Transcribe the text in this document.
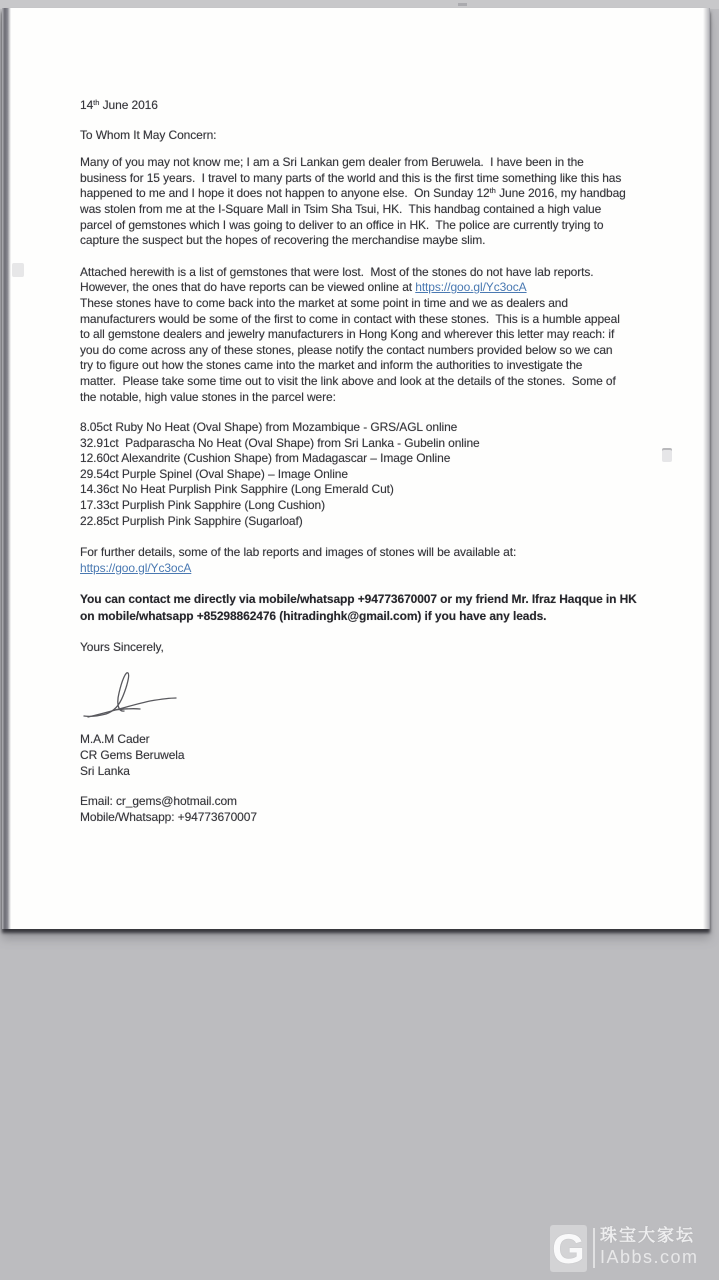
14th June 2016

To Whom It May Concern:

Many of you may not know me; I am a Sri Lankan gem dealer from Beruwela.  I have been in the

business for 15 years.  I travel to many parts of the world and this is the first time something like this has

happened to me and I hope it does not happen to anyone else.  On Sunday 12th June 2016, my handbag

was stolen from me at the I-Square Mall in Tsim Sha Tsui, HK.  This handbag contained a high value

parcel of gemstones which I was going to deliver to an office in HK.  The police are currently trying to

capture the suspect but the hopes of recovering the merchandise maybe slim.

Attached herewith is a list of gemstones that were lost.  Most of the stones do not have lab reports.

However, the ones that do have reports can be viewed online at https://goo.gl/Yc3ocA

These stones have to come back into the market at some point in time and we as dealers and

manufacturers would be some of the first to come in contact with these stones.  This is a humble appeal

to all gemstone dealers and jewelry manufacturers in Hong Kong and wherever this letter may reach: if

you do come across any of these stones, please notify the contact numbers provided below so we can

try to figure out how the stones came into the market and inform the authorities to investigate the

matter.  Please take some time out to visit the link above and look at the details of the stones.  Some of

the notable, high value stones in the parcel were:

8.05ct Ruby No Heat (Oval Shape) from Mozambique - GRS/AGL online

32.91ct  Padparascha No Heat (Oval Shape) from Sri Lanka - Gubelin online

12.60ct Alexandrite (Cushion Shape) from Madagascar – Image Online

29.54ct Purple Spinel (Oval Shape) – Image Online

14.36ct No Heat Purplish Pink Sapphire (Long Emerald Cut)

17.33ct Purplish Pink Sapphire (Long Cushion)

22.85ct Purplish Pink Sapphire (Sugarloaf)

For further details, some of the lab reports and images of stones will be available at:

https://goo.gl/Yc3ocA

You can contact me directly via mobile/whatsapp +94773670007 or my friend Mr. Ifraz Haqque in HK

on mobile/whatsapp +85298862476 (hitradinghk@gmail.com) if you have any leads.

Yours Sincerely,

M.A.M Cader

CR Gems Beruwela

Sri Lanka

Email: cr_gems@hotmail.com

Mobile/Whatsapp: +94773670007

G 珠宝大家坛
IAbbs.com
